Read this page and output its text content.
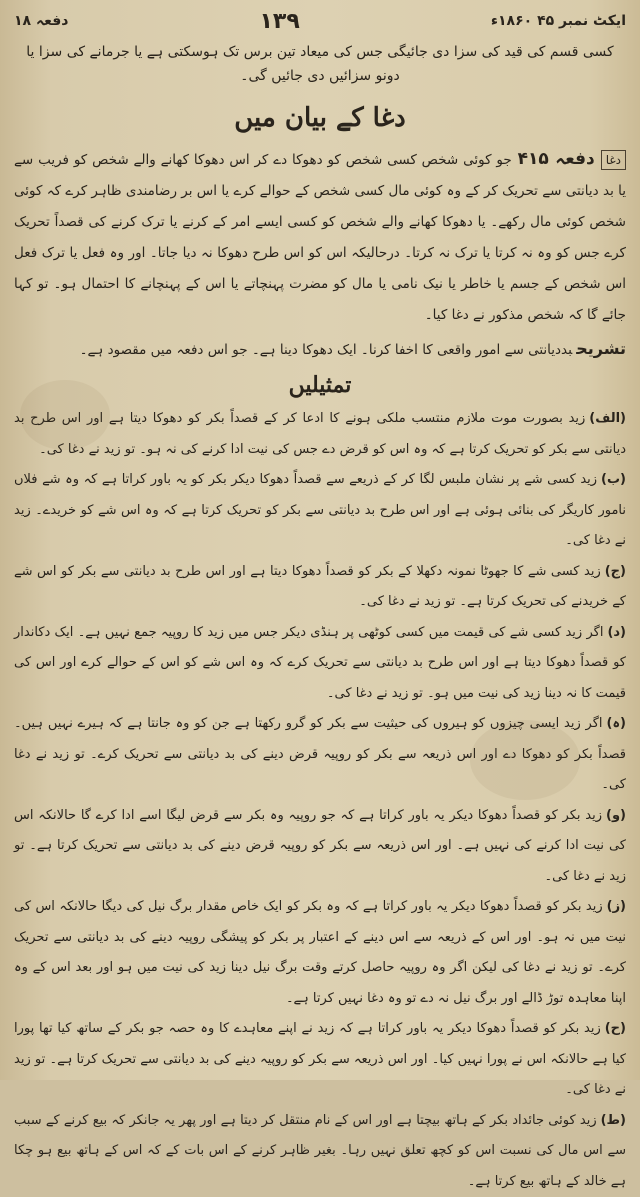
ایکٹ نمبر ۴۵ ۱۸۶۰ء
۱۳۹
دفعہ ۱۸
کسی قسم کی قید کی سزا دی جائیگی جس کی میعاد تین برس تک ہوسکتی ہے یا جرمانے کی سزا یا دونو سزائیں دی جائیں گی۔
دغا کے بیان میں
دغادفعہ ۴۱۵جو کوئی شخص کسی شخص کو دھوکا دے کر اس دھوکا کھانے والے شخص کو فریب سے یا بد دیانتی سے تحریک کر کے وہ کوئی مال کسی شخص کے حوالے کرے یا اس بر رضامندی ظاہر کرے کہ کوئی شخص کوئی مال رکھے۔ یا دھوکا کھانے والے شخص کو کسی ایسے امر کے کرنے یا ترک کرنے کی قصداً تحریک کرے جس کو وہ نہ کرتا یا ترک نہ کرتا۔ درحالیکہ اس کو اس طرح دھوکا نہ دیا جاتا۔ اور وہ فعل یا ترک فعل اس شخص کے جسم یا خاطر یا نیک نامی یا مال کو مضرت پہنچاتے یا اس کے پہنچانے کا احتمال ہو۔ تو کہا جائے گا کہ شخص مذکور نے دغا کیا۔
تشریحبددیانتی سے امور واقعی کا اخفا کرنا۔ ایک دھوکا دینا ہے۔ جو اس دفعہ میں مقصود ہے۔
تمثیلیں
(الف)زید بصورت موت ملازم منتسب ملکی ہونے کا ادعا کر کے قصداً بکر کو دھوکا دیتا ہے اور اس طرح بد دیانتی سے بکر کو تحریک کرتا ہے کہ وہ اس کو قرض دے جس کی نیت ادا کرنے کی نہ ہو۔ تو زید نے دغا کی۔
(ب)زید کسی شے پر نشان ملبس لگا کر کے ذریعے سے قصداً دھوکا دیکر بکر کو یہ باور کراتا ہے کہ وہ شے فلاں نامور کاریگر کی بنائی ہوئی ہے اور اس طرح بد دیانتی سے بکر کو تحریک کرتا ہے کہ وہ اس شے کو خریدے۔ زید نے دغا کی۔
(ج)زید کسی شے کا جھوٹا نمونہ دکھلا کے بکر کو قصداً دھوکا دیتا ہے اور اس طرح بد دیانتی سے بکر کو اس شے کے خریدنے کی تحریک کرتا ہے۔ تو زید نے دغا کی۔
(د)اگر زید کسی شے کی قیمت میں کسی کوٹھی پر ہنڈی دیکر جس میں زید کا روپیہ جمع نہیں ہے۔ ایک دکاندار کو قصداً دھوکا دیتا ہے اور اس طرح بد دیانتی سے تحریک کرے کہ وہ اس شے کو اس کے حوالے کرے اور اس کی قیمت کا نہ دینا زید کی نیت میں ہو۔ تو زید نے دغا کی۔
(ہ)اگر زید ایسی چیزوں کو ہیروں کی حیثیت سے بکر کو گرو رکھتا ہے جن کو وہ جانتا ہے کہ ہیرے نہیں ہیں۔ قصداً بکر کو دھوکا دے اور اس ذریعہ سے بکر کو روپیہ قرض دینے کی بد دیانتی سے تحریک کرے۔ تو زید نے دغا کی۔
(و)زید بکر کو قصداً دھوکا دیکر یہ باور کراتا ہے کہ جو روپیہ وہ بکر سے قرض لیگا اسے ادا کرے گا حالانکہ اس کی نیت ادا کرنے کی نہیں ہے۔ اور اس ذریعہ سے بکر کو روپیہ قرض دینے کی بد دیانتی سے تحریک کرتا ہے۔ تو زید نے دغا کی۔
(ز)زید بکر کو قصداً دھوکا دیکر یہ باور کراتا ہے کہ وہ بکر کو ایک خاص مقدار برگ نیل کی دیگا حالانکہ اس کی نیت میں نہ ہو۔ اور اس کے ذریعہ سے اس دینے کے اعتبار پر بکر کو پیشگی روپیہ دینے کی بد دیانتی سے تحریک کرے۔ تو زید نے دغا کی لیکن اگر وہ روپیہ حاصل کرتے وقت برگ نیل دینا زید کی نیت میں ہو اور بعد اس کے وہ اپنا معاہدہ توڑ ڈالے اور برگ نیل نہ دے تو وہ دغا نہیں کرتا ہے۔
(ح)زید بکر کو قصداً دھوکا دیکر یہ باور کراتا ہے کہ زید نے اپنے معاہدے کا وہ حصہ جو بکر کے ساتھ کیا تھا پورا کیا ہے حالانکہ اس نے پورا نہیں کیا۔ اور اس ذریعہ سے بکر کو روپیہ دینے کی بد دیانتی سے تحریک کرتا ہے۔ تو زید نے دغا کی۔
(ط)زید کوئی جائداد بکر کے ہاتھ بیچتا ہے اور اس کے نام منتقل کر دیتا ہے اور پھر یہ جانکر کہ بیع کرنے کے سبب سے اس مال کی نسبت اس کو کچھ تعلق نہیں رہا۔ بغیر ظاہر کرنے کے اس بات کے کہ اس کے ہاتھ بیع ہو چکا ہے خالد کے ہاتھ بیع کرتا ہے۔
